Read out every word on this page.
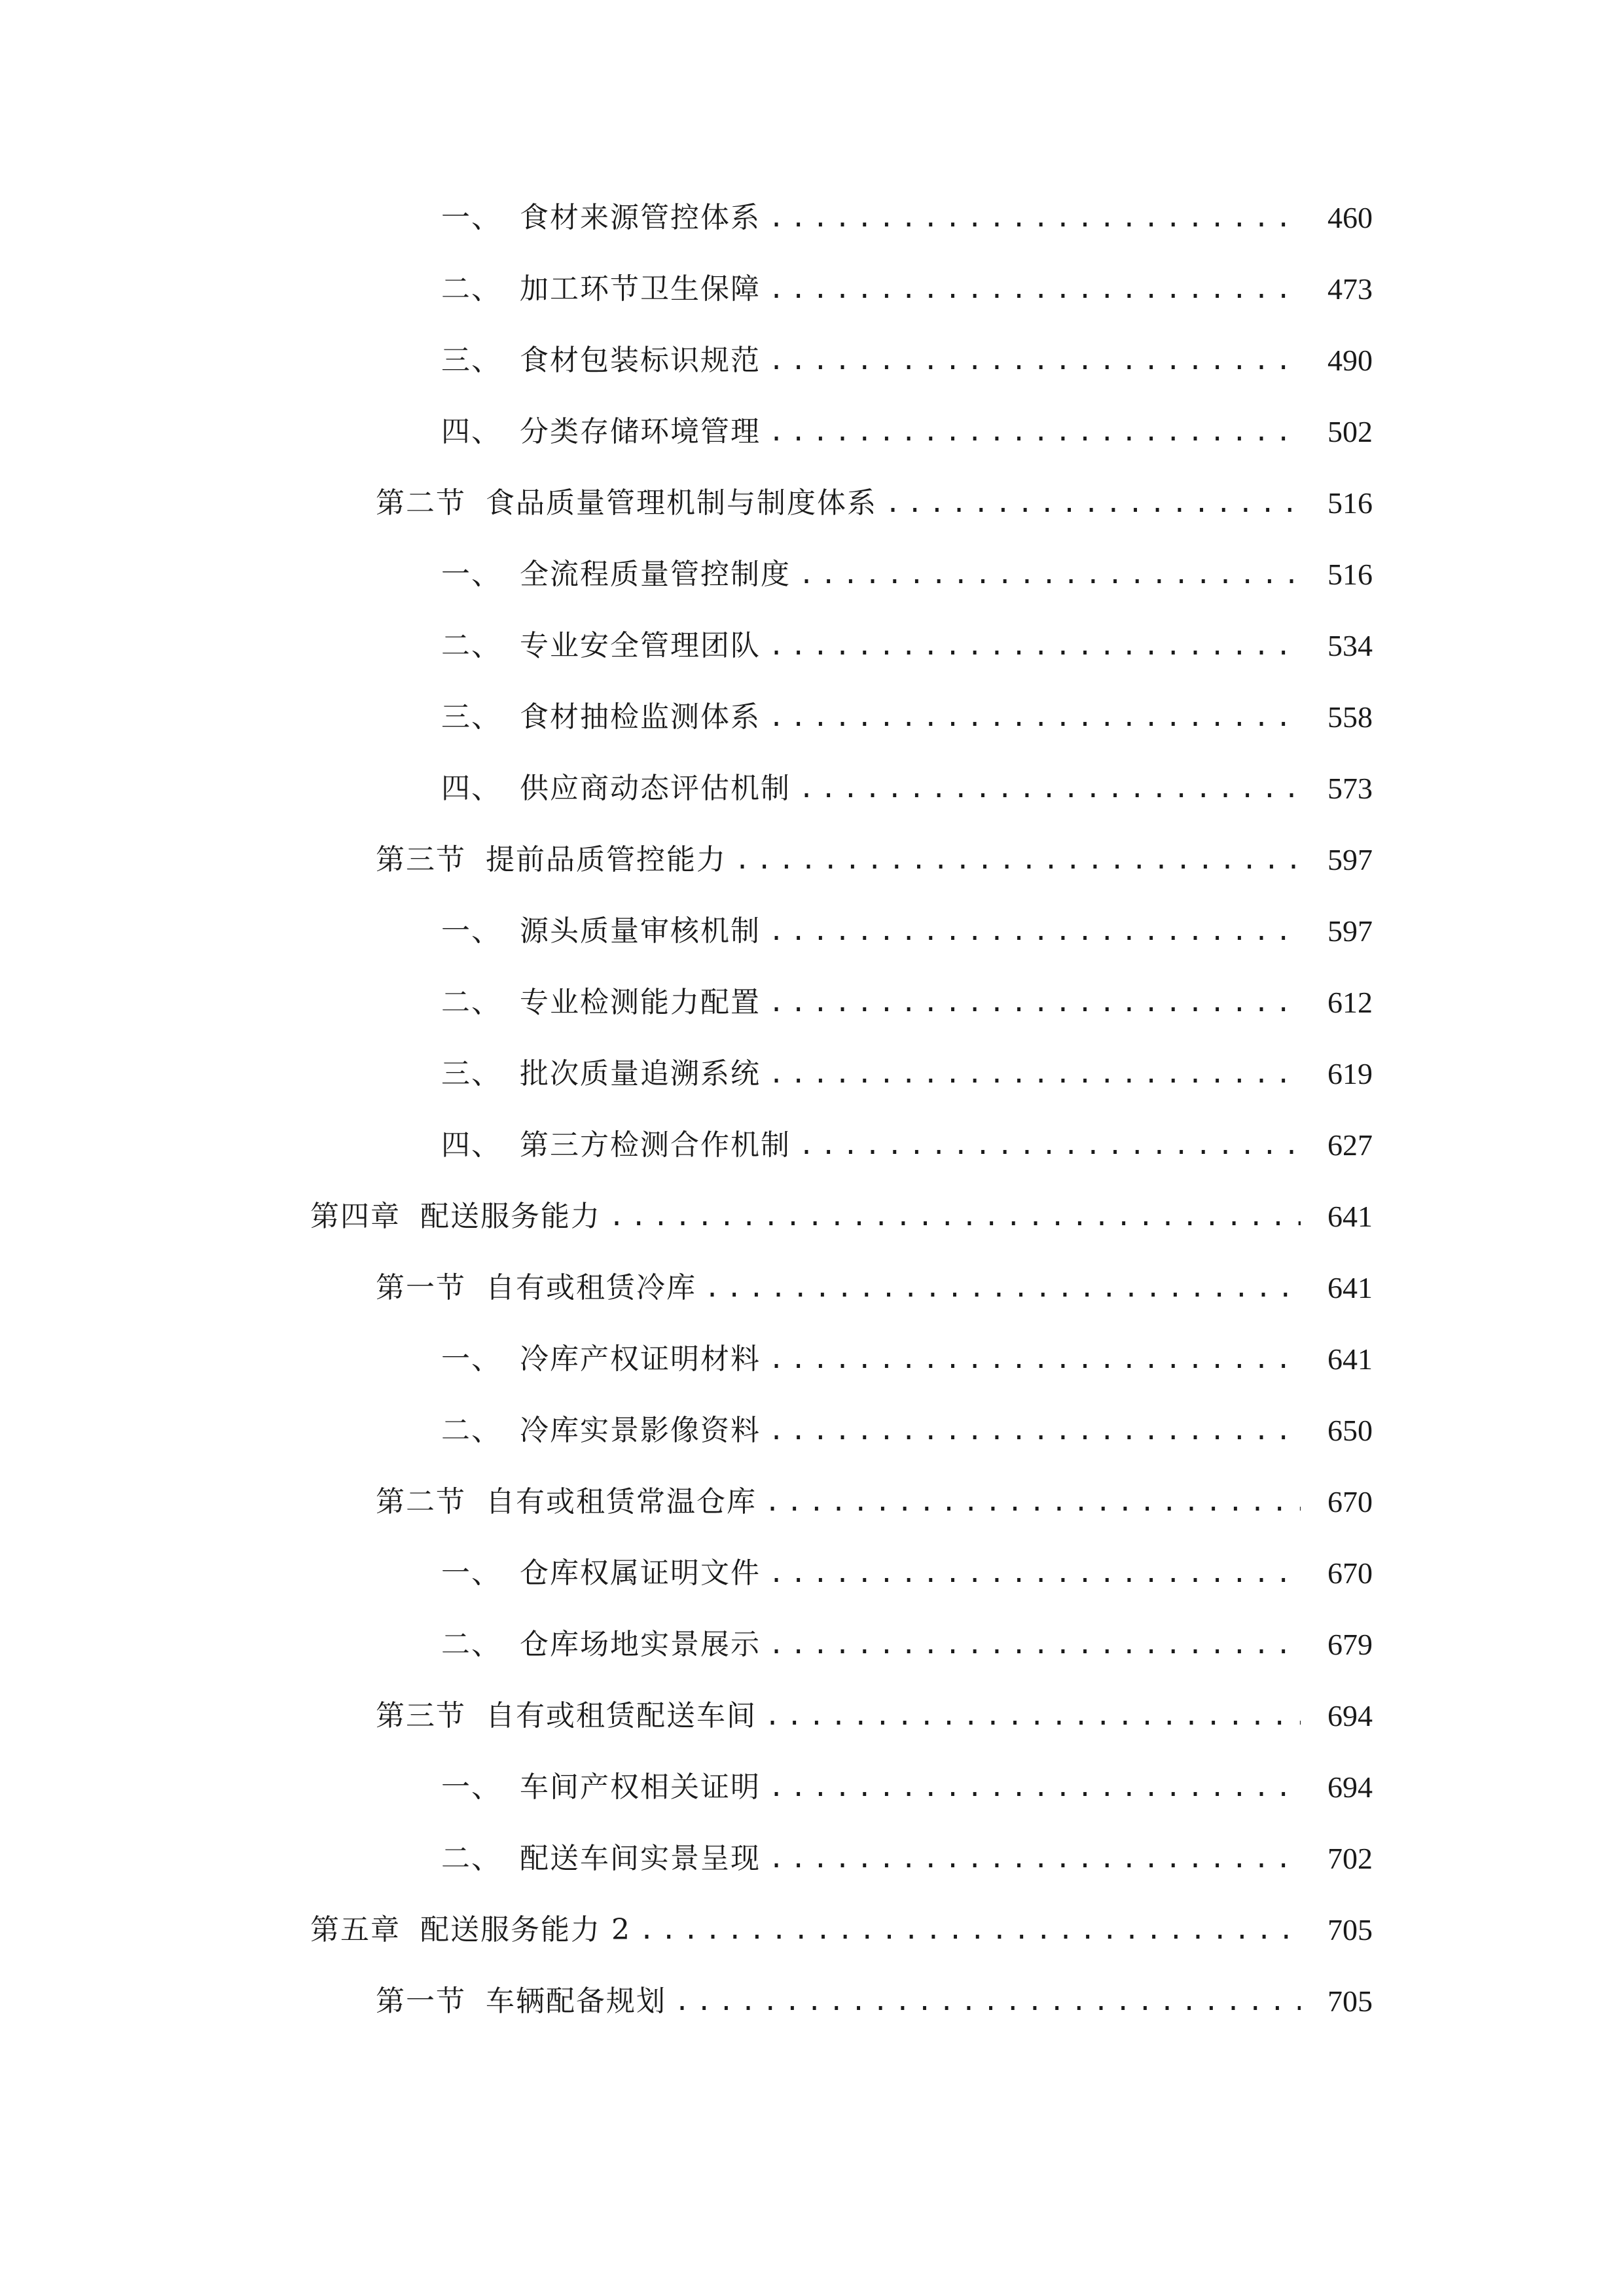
一、 食材来源管控体系 .....	460
二、 加工环节卫生保障 .....	473
三、 食材包装标识规范 .....	490
四、 分类存储环境管理 .....	502
第二节 食品质量管理机制与制度体系 .....	516
一、 全流程质量管控制度 .....	516
二、 专业安全管理团队 .....	534
三、 食材抽检监测体系 .....	558
四、 供应商动态评估机制 .....	573
第三节 提前品质管控能力 .....	597
一、 源头质量审核机制 .....	597
二、 专业检测能力配置 .....	612
三、 批次质量追溯系统 .....	619
四、 第三方检测合作机制 .....	627
第四章 配送服务能力 .....	641
第一节 自有或租赁冷库 .....	641
一、 冷库产权证明材料 .....	641
二、 冷库实景影像资料 .....	650
第二节 自有或租赁常温仓库 .....	670
一、 仓库权属证明文件 .....	670
二、 仓库场地实景展示 .....	679
第三节 自有或租赁配送车间 .....	694
一、 车间产权相关证明 .....	694
二、 配送车间实景呈现 .....	702
第五章 配送服务能力 2 .....	705
第一节 车辆配备规划 .....	705
